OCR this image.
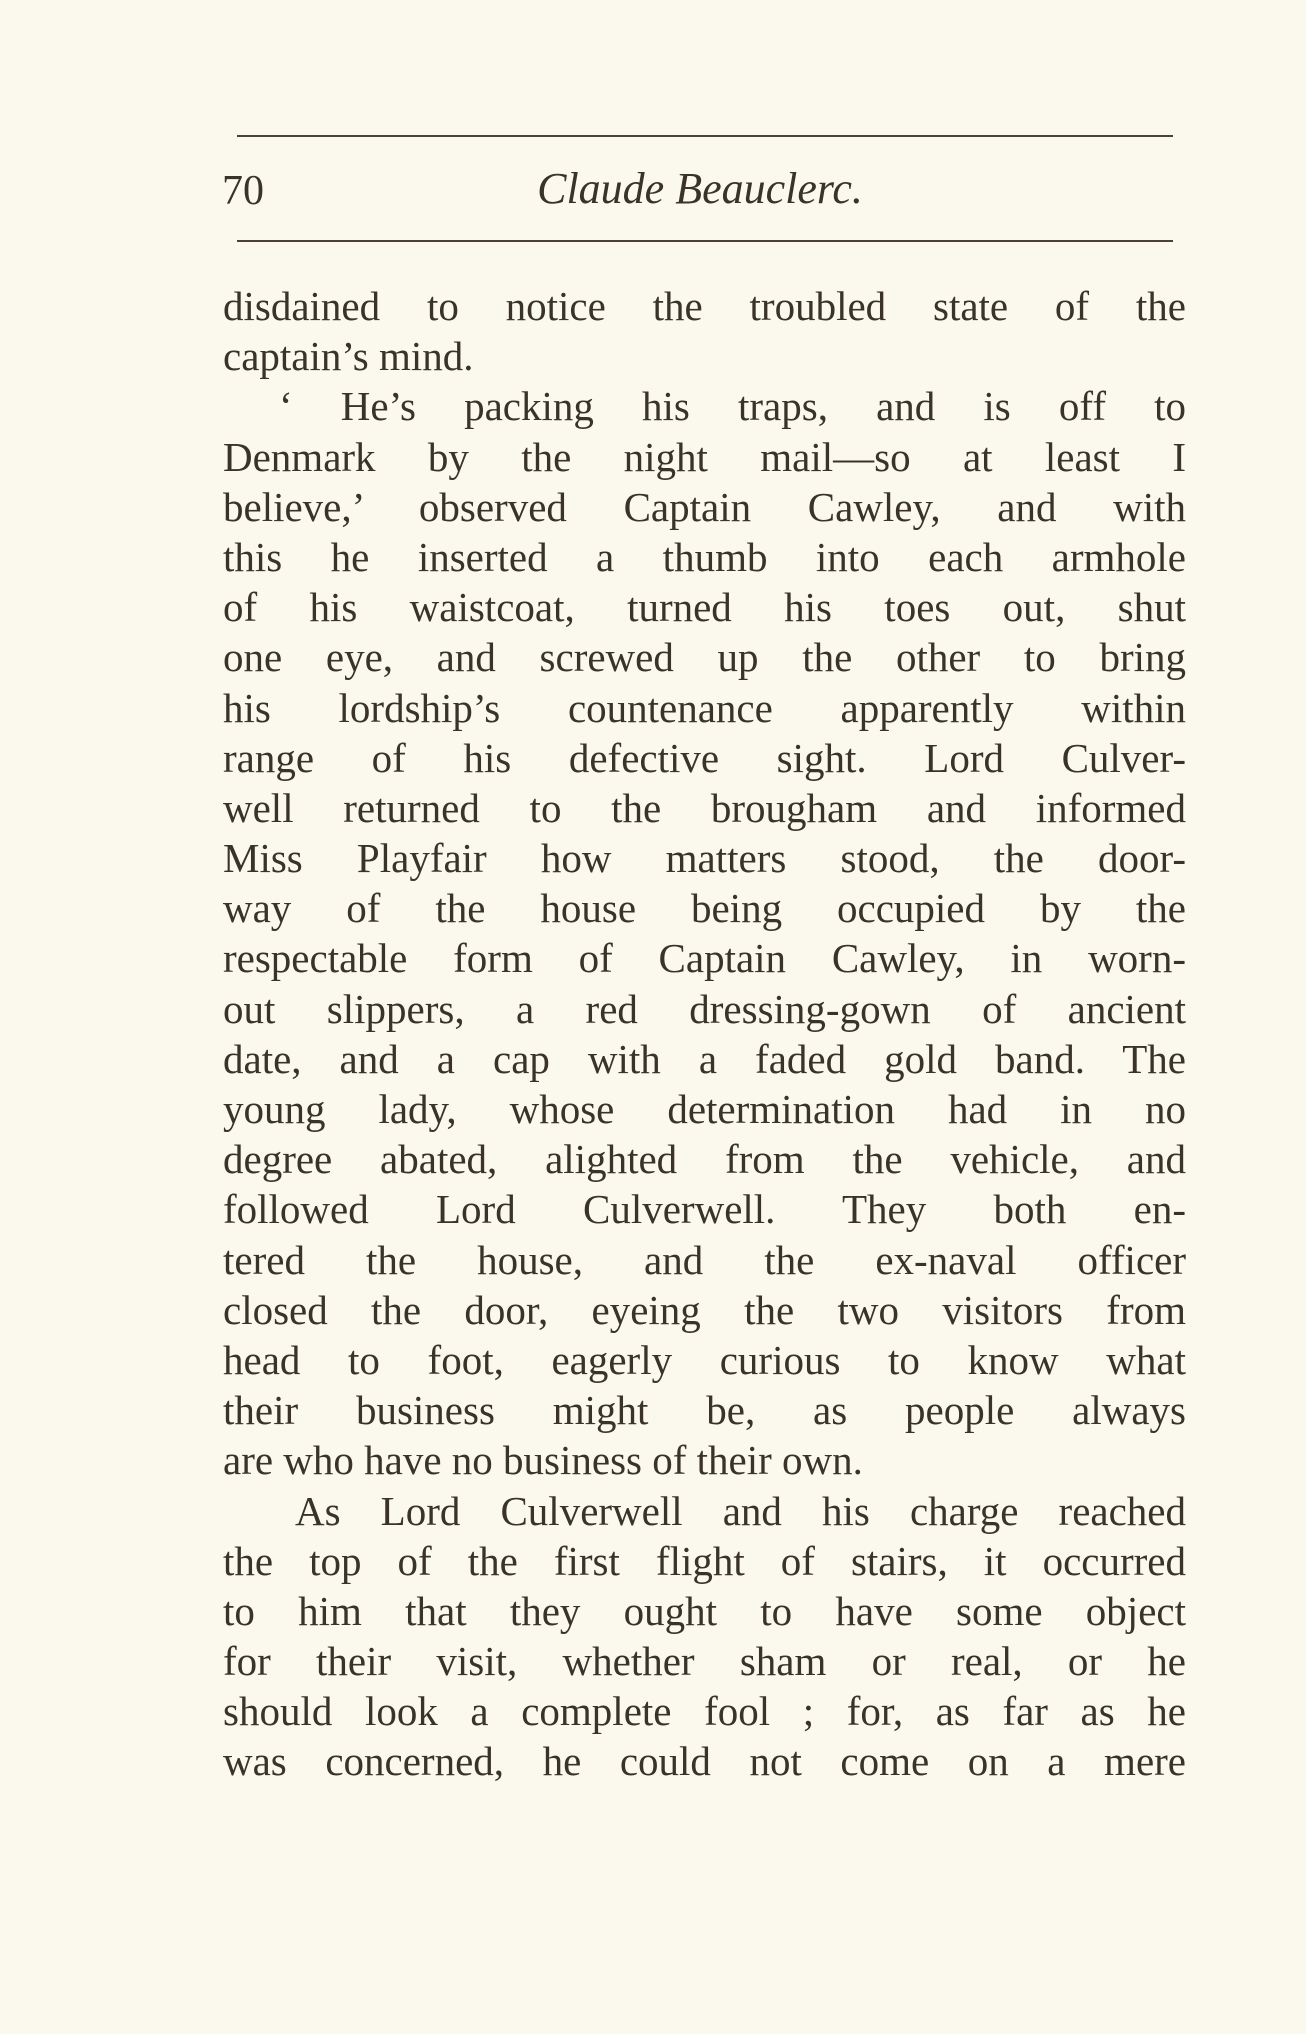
70	Claude Beauclerc.
disdained to notice the troubled state of the
captain’s mind.
‘ He’s packing his traps, and is off to
Denmark by the night mail—so at least I
believe,’ observed Captain Cawley, and with
this he inserted a thumb into each armhole
of his waistcoat, turned his toes out, shut
one eye, and screwed up the other to bring
his lordship’s countenance apparently within
range of his defective sight. Lord Culver-
well returned to the brougham and informed
Miss Playfair how matters stood, the door-
way of the house being occupied by the
respectable form of Captain Cawley, in worn-
out slippers, a red dressing-gown of ancient
date, and a cap with a faded gold band. The
young lady, whose determination had in no
degree abated, alighted from the vehicle, and
followed Lord Culverwell. They both en-
tered the house, and the ex-naval officer
closed the door, eyeing the two visitors from
head to foot, eagerly curious to know what
their business might be, as people always
are who have no business of their own.
As Lord Culverwell and his charge reached
the top of the first flight of stairs, it occurred
to him that they ought to have some object
for their visit, whether sham or real, or he
should look a complete fool ; for, as far as he
was concerned, he could not come on a mere
